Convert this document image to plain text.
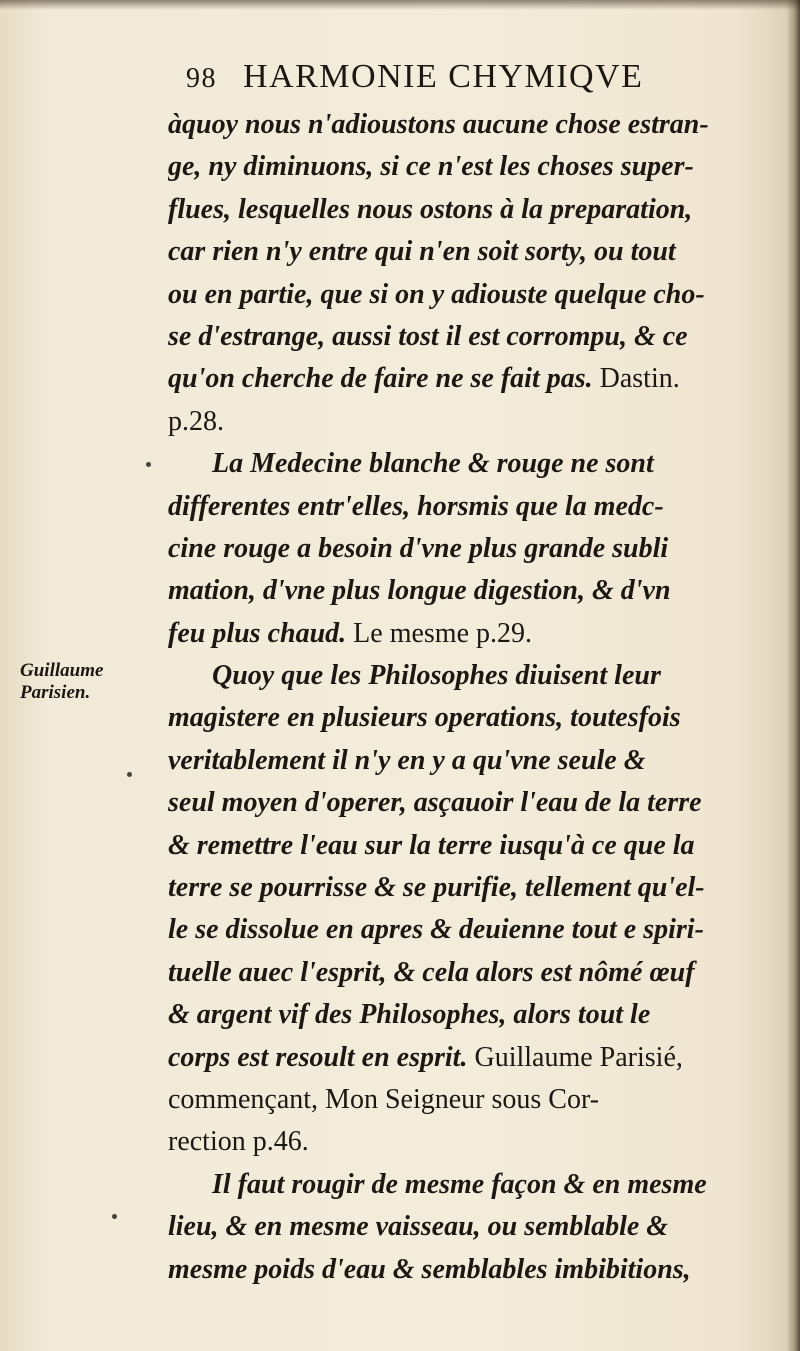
98 HARMONIE CHYMIQVE
Guillaume
Parisien.
àquoy nous n'adioustons aucune chose estran-
ge, ny diminuons, si ce n'est les choses super-
flues, lesquelles nous ostons à la preparation,
car rien n'y entre qui n'en soit sorty, ou tout
ou en partie, que si on y adiouste quelque cho-
se d'estrange, aussi tost il est corrompu, & ce
qu'on cherche de faire ne se fait pas. Dastin.
p.28.
La Medecine blanche & rouge ne sont
differentes entr'elles, horsmis que la medc-
cine rouge a besoin d'vne plus grande subli
mation, d'vne plus longue digestion, & d'vn
feu plus chaud. Le mesme p.29.
Quoy que les Philosophes diuisent leur
magistere en plusieurs operations, toutesfois
veritablement il n'y en y a qu'vne seule &
seul moyen d'operer, asçauoir l'eau de la terre
& remettre l'eau sur la terre iusqu'à ce que la
terre se pourrisse & se purifie, tellement qu'el-
le se dissolue en apres & deuienne tout e spiri-
tuelle auec l'esprit, & cela alors est nômé œuf
& argent vif des Philosophes, alors tout le
corps est resoult en esprit. Guillaume Parisié,
commençant, Mon Seigneur sous Cor-
rection p.46.
Il faut rougir de mesme façon & en mesme
lieu, & en mesme vaisseau, ou semblable &
mesme poids d'eau & semblables imbibitions,
